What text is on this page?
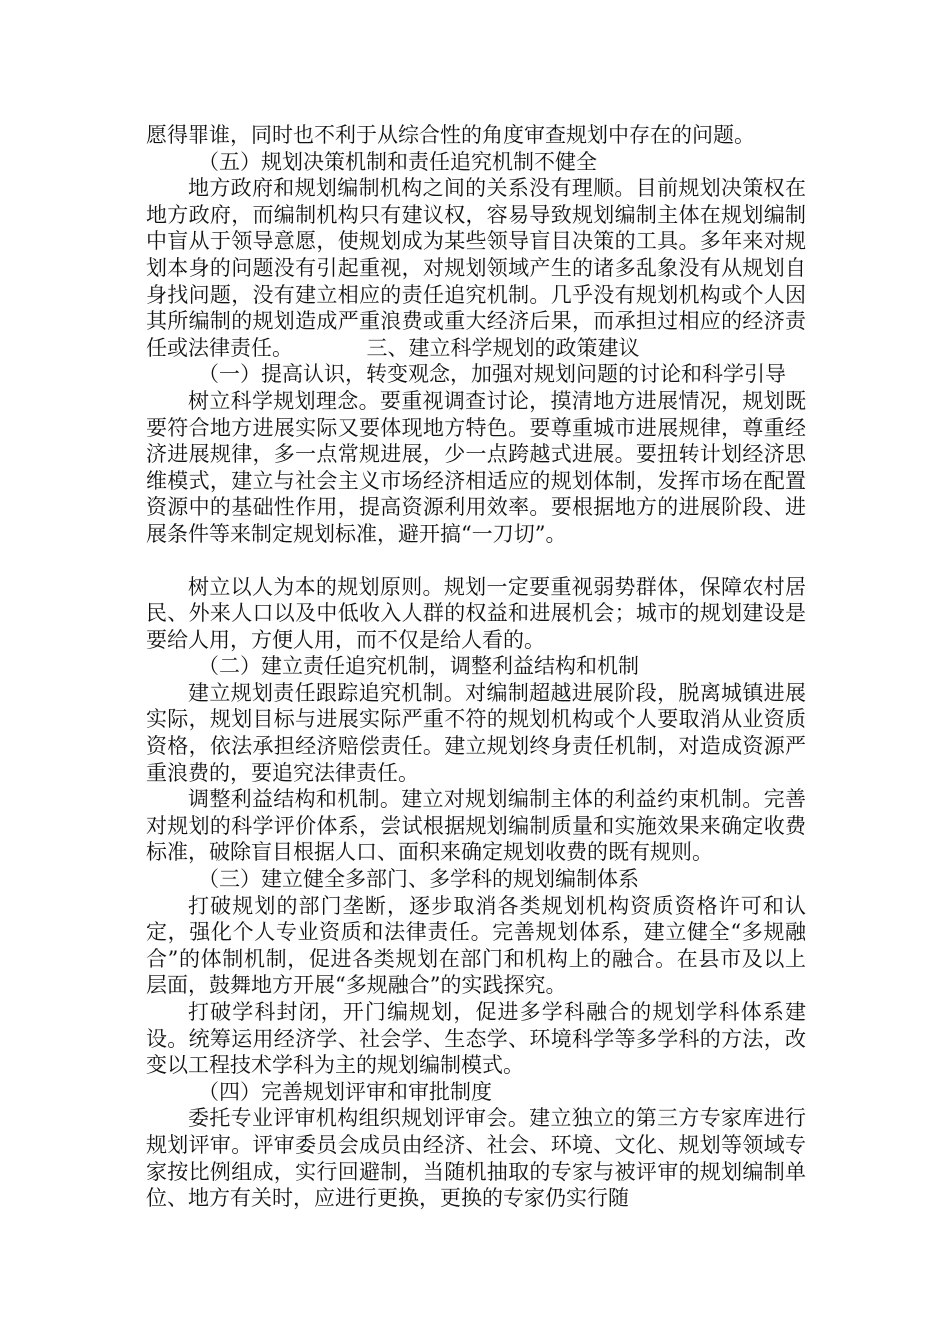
愿得罪谁，同时也不利于从综合性的角度审查规划中存在的问题。

（五）规划决策机制和责任追究机制不健全

地方政府和规划编制机构之间的关系没有理顺。目前规划决策权在地方政府，而编制机构只有建议权，容易导致规划编制主体在规划编制中盲从于领导意愿，使规划成为某些领导盲目决策的工具。多年来对规划本身的问题没有引起重视，对规划领域产生的诸多乱象没有从规划自身找问题，没有建立相应的责任追究机制。几乎没有规划机构或个人因其所编制的规划造成严重浪费或重大经济后果，而承担过相应的经济责任或法律责任。　　　　三、建立科学规划的政策建议

（一）提高认识，转变观念，加强对规划问题的讨论和科学引导

树立科学规划理念。要重视调查讨论，摸清地方进展情况，规划既要符合地方进展实际又要体现地方特色。要尊重城市进展规律，尊重经济进展规律，多一点常规进展，少一点跨越式进展。要扭转计划经济思维模式，建立与社会主义市场经济相适应的规划体制，发挥市场在配置资源中的基础性作用，提高资源利用效率。要根据地方的进展阶段、进展条件等来制定规划标准，避开搞“一刀切”。

树立以人为本的规划原则。规划一定要重视弱势群体，保障农村居民、外来人口以及中低收入人群的权益和进展机会；城市的规划建设是要给人用，方便人用，而不仅是给人看的。

（二）建立责任追究机制，调整利益结构和机制

建立规划责任跟踪追究机制。对编制超越进展阶段，脱离城镇进展实际，规划目标与进展实际严重不符的规划机构或个人要取消从业资质资格，依法承担经济赔偿责任。建立规划终身责任机制，对造成资源严重浪费的，要追究法律责任。

调整利益结构和机制。建立对规划编制主体的利益约束机制。完善对规划的科学评价体系，尝试根据规划编制质量和实施效果来确定收费标准，破除盲目根据人口、面积来确定规划收费的既有规则。

（三）建立健全多部门、多学科的规划编制体系

打破规划的部门垄断，逐步取消各类规划机构资质资格许可和认定，强化个人专业资质和法律责任。完善规划体系，建立健全“多规融合”的体制机制，促进各类规划在部门和机构上的融合。在县市及以上层面，鼓舞地方开展“多规融合”的实践探究。

打破学科封闭，开门编规划，促进多学科融合的规划学科体系建设。统筹运用经济学、社会学、生态学、环境科学等多学科的方法，改变以工程技术学科为主的规划编制模式。

（四）完善规划评审和审批制度

委托专业评审机构组织规划评审会。建立独立的第三方专家库进行规划评审。评审委员会成员由经济、社会、环境、文化、规划等领域专家按比例组成，实行回避制，当随机抽取的专家与被评审的规划编制单位、地方有关时，应进行更换，更换的专家仍实行随
